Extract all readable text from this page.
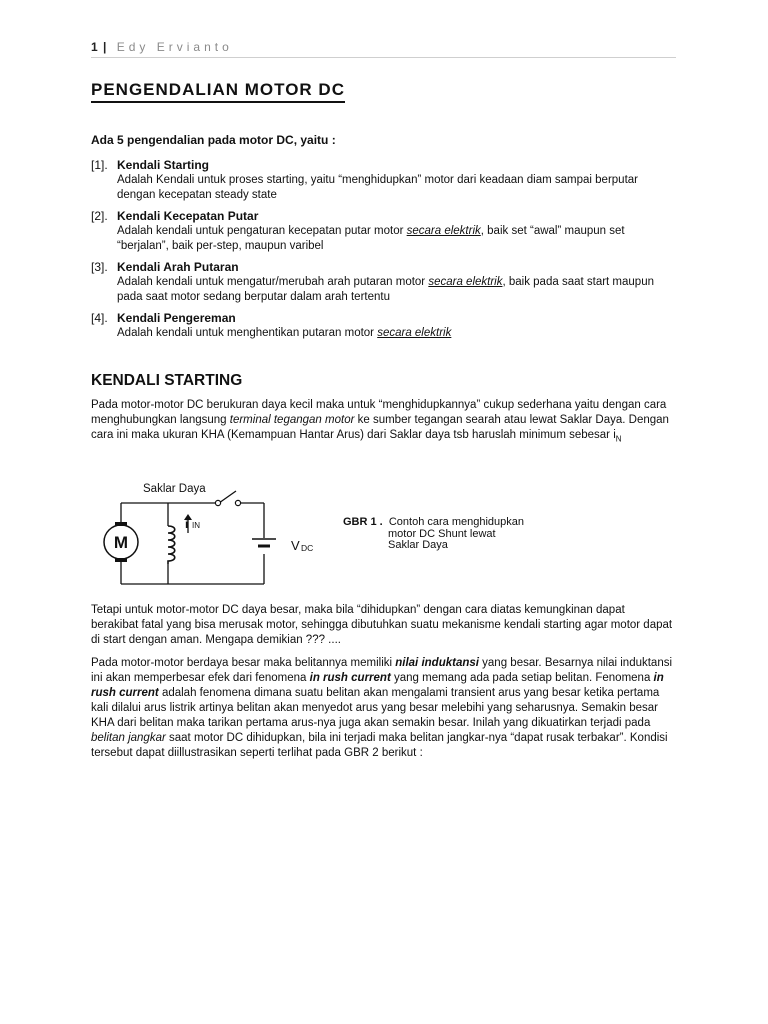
1 | Edy Ervianto
PENGENDALIAN MOTOR DC
Ada 5 pengendalian pada motor DC, yaitu :
[1]. Kendali Starting
Adalah Kendali untuk proses starting, yaitu “menghidupkan” motor dari keadaan diam sampai berputar dengan kecepatan steady state
[2]. Kendali Kecepatan Putar
Adalah kendali untuk pengaturan kecepatan putar motor secara elektrik, baik set “awal” maupun set “berjalan”, baik per-step, maupun varibel
[3]. Kendali Arah Putaran
Adalah kendali untuk mengatur/merubah arah putaran motor secara elektrik, baik pada saat start maupun pada saat motor sedang berputar dalam arah tertentu
[4]. Kendali Pengereman
Adalah kendali untuk menghentikan putaran motor secara elektrik
KENDALI STARTING
Pada motor-motor DC berukuran daya kecil maka untuk “menghidupkannya” cukup sederhana yaitu dengan cara menghubungkan langsung terminal tegangan motor ke sumber tegangan searah atau lewat Saklar Daya. Dengan cara ini maka ukuran KHA (Kemampuan Hantar Arus) dari Saklar daya tsb haruslah minimum sebesar $i_N$
M
Saklar Daya
i IN
V DC
GBR 1 . Contoh cara menghidupkan
motor DC Shunt lewat
Saklar Daya
Tetapi untuk motor-motor DC daya besar, maka bila “dihidupkan” dengan cara diatas kemungkinan dapat berakibat fatal yang bisa merusak motor, sehingga dibutuhkan suatu mekanisme kendali starting agar motor dapat di start dengan aman. Mengapa demikian ??? ....
Pada motor-motor berdaya besar maka belitannya memiliki nilai induktansi yang besar. Besarnya nilai induktansi ini akan memperbesar efek dari fenomena in rush current yang memang ada pada setiap belitan. Fenomena in rush current adalah fenomena dimana suatu belitan akan mengalami transient arus yang besar ketika pertama kali dilalui arus listrik artinya belitan akan menyedot arus yang besar melebihi yang seharusnya. Semakin besar KHA dari belitan maka tarikan pertama arus-nya juga akan semakin besar. Inilah yang dikuatirkan terjadi pada belitan jangkar saat motor DC dihidupkan, bila ini terjadi maka belitan jangkar-nya “dapat rusak terbakar”. Kondisi tersebut dapat diillustrasikan seperti terlihat pada GBR 2 berikut :
